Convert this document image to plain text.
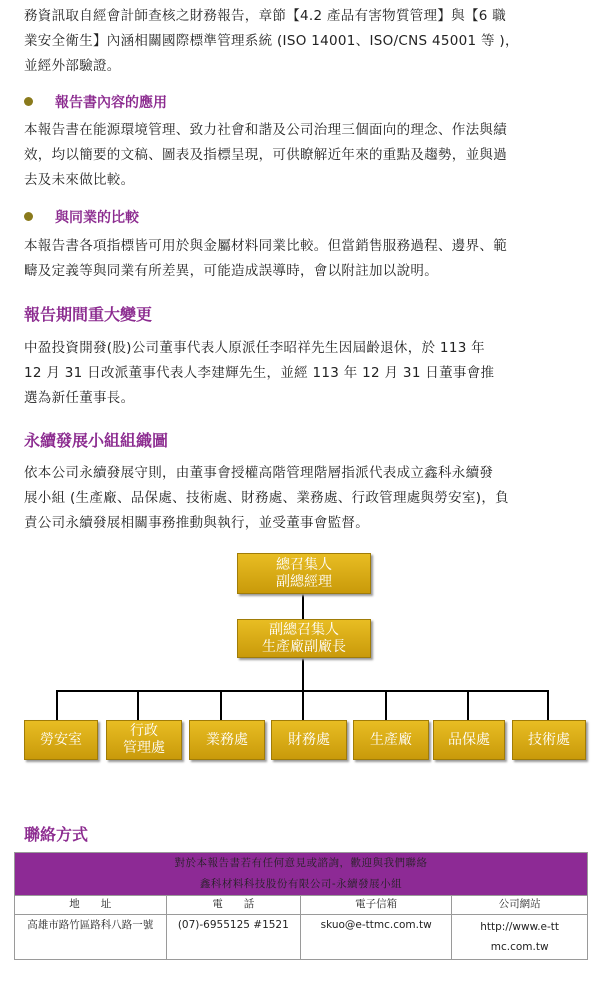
務資訊取自經會計師查核之財務報告，章節【4.2 產品有害物質管理】與【6 職
業安全衛生】內涵相關國際標準管理系統 (ISO 14001、ISO/CNS 45001 等 )，
並經外部驗證。
報告書內容的應用
本報告書在能源環境管理、致力社會和諧及公司治理三個面向的理念、作法與績
效，均以簡要的文稿、圖表及指標呈現，可供瞭解近年來的重點及趨勢，並與過
去及未來做比較。
與同業的比較
本報告書各項指標皆可用於與金屬材料同業比較。但當銷售服務過程、邊界、範
疇及定義等與同業有所差異，可能造成誤導時，會以附註加以說明。
報告期間重大變更
中盈投資開發(股)公司董事代表人原派任李昭祥先生因屆齡退休，於 113 年
12 月 31 日改派董事代表人李建輝先生，並經 113 年 12 月 31 日董事會推
選為新任董事長。
永續發展小組組織圖
依本公司永續發展守則，由董事會授權高階管理階層指派代表成立鑫科永續發
展小組 (生產廠、品保處、技術處、財務處、業務處、行政管理處與勞安室)，負
責公司永續發展相關事務推動與執行，並受董事會監督。
總召集人
副總經理
副總召集人
生產廠副廠長
勞安室
行政
管理處
業務處	財務處	生產廠	品保處	技術處
聯絡方式
對於本報告書若有任何意見或諮詢，歡迎與我們聯絡
鑫科材料科技股份有限公司-永續發展小組			

地　　址	電　　話	電子信箱	公司網站
高雄市路竹區路科八路一號	(07)-6955125 #1521	skuo@e-ttmc.com.tw	http://www.e-ttmc.com.tw
